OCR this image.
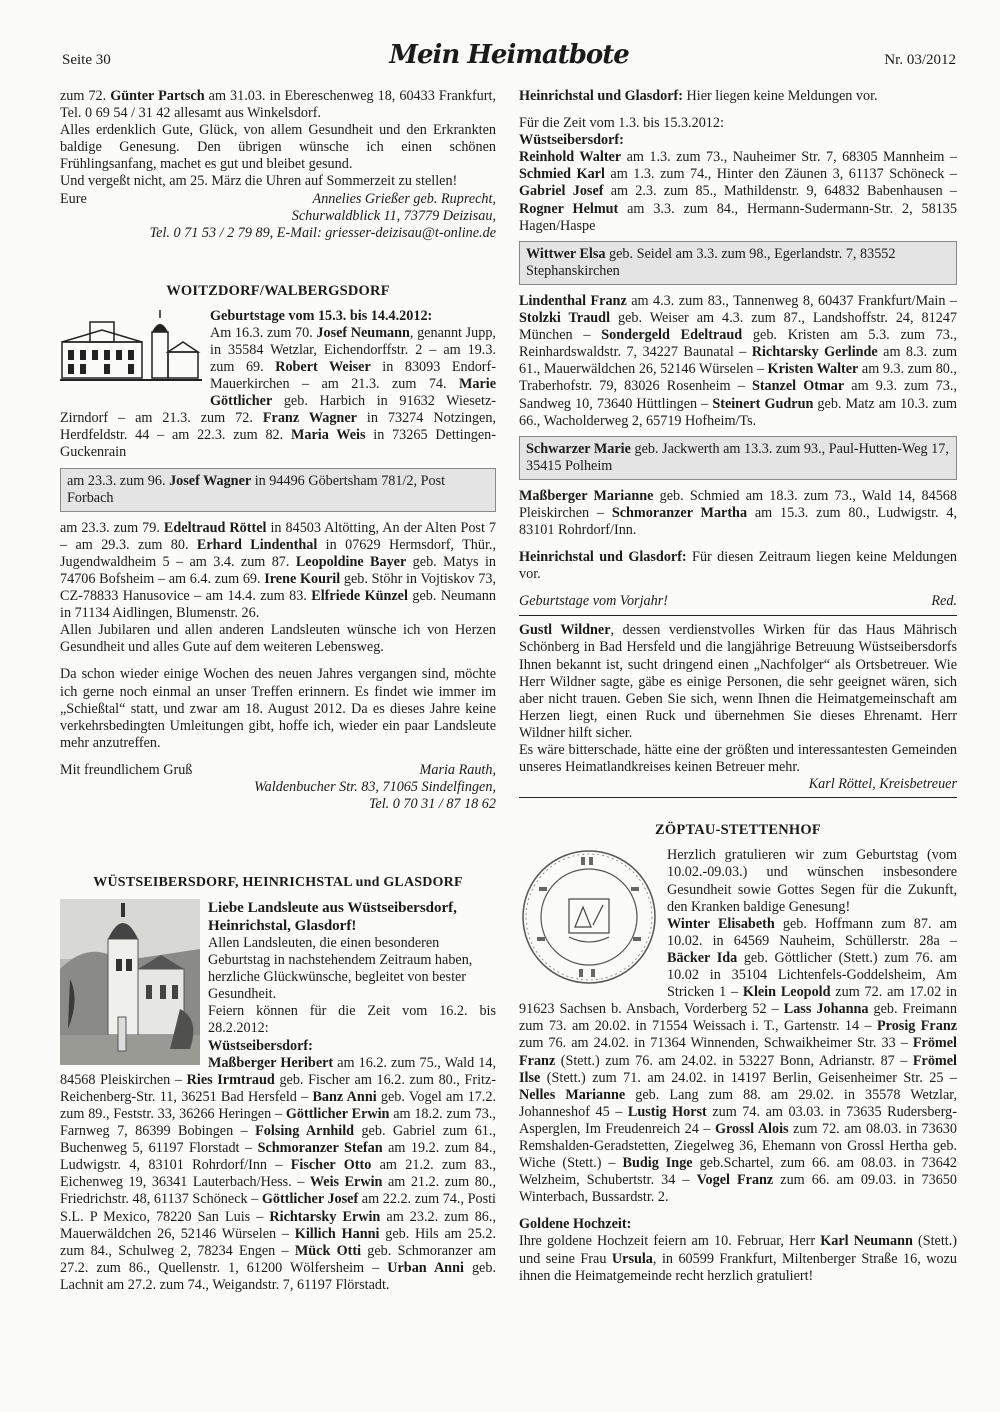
Seite 30	Mein Heimatbote	Nr. 03/2012

zum 72. Günter Partsch am 31.03. in Ebereschenweg 18, 60433 Frankfurt, Tel. 0 69 54 / 31 42 allesamt aus Winkelsdorf.

Alles erdenklich Gute, Glück, von allem Gesundheit und den Erkrankten baldige Genesung. Den übrigen wünsche ich einen schönen Frühlingsanfang, machet es gut und bleibet gesund.

Und vergeßt nicht, am 25. März die Uhren auf Sommerzeit zu stellen!

Eure	Annelies Grießer geb. Ruprecht,
Schurwaldblick 11, 73779 Deizisau,
Tel. 0 71 53 / 2 79 89, E-Mail: griesser-deizisau@t-online.de
WOITZDORF/WALBERGSDORF

Geburtstage vom 15.3. bis 14.4.2012:

Am 16.3. zum 70. Josef Neumann, genannt Jupp, in 35584 Wetzlar, Eichendorffstr. 2 – am 19.3. zum 69. Robert Weiser in 83093 Endorf-Mauerkirchen – am 21.3. zum 74. Marie Göttlicher geb. Harbich in 91632 Wiesetz-Zirndorf – am 21.3. zum 72. Franz Wagner in 73274 Notzingen, Herdfeldstr. 44 – am 22.3. zum 82. Maria Weis in 73265 Dettingen-Guckenrain

am 23.3. zum 96. Josef Wagner in 94496 Göbertsham 781/2, Post Forbach

am 23.3. zum 79. Edeltraud Röttel in 84503 Altötting, An der Alten Post 7 – am 29.3. zum 80. Erhard Lindenthal in 07629 Hermsdorf, Thür., Jugendwaldheim 5 – am 3.4. zum 87. Leopoldine Bayer geb. Matys in 74706 Bofsheim – am 6.4. zum 69. Irene Kouril geb. Stöhr in Vojtiskov 73, CZ-78833 Hanusovice – am 14.4. zum 83. Elfriede Künzel geb. Neumann in 71134 Aidlingen, Blumenstr. 26.

Allen Jubilaren und allen anderen Landsleuten wünsche ich von Herzen Gesundheit und alles Gute auf dem weiteren Lebensweg.

Da schon wieder einige Wochen des neuen Jahres vergangen sind, möchte ich gerne noch einmal an unser Treffen erinnern. Es findet wie immer im „Schießtal“ statt, und zwar am 18. August 2012. Da es dieses Jahre keine verkehrsbedingten Umleitungen gibt, hoffe ich, wieder ein paar Landsleute mehr anzutreffen.

Mit freundlichem Gruß	Maria Rauth,
Waldenbucher Str. 83, 71065 Sindelfingen,
Tel. 0 70 31 / 87 18 62
WÜSTSEIBERSDORF, HEINRICHSTAL und GLASDORF

Liebe Landsleute aus Wüstseibersdorf, Heinrichstal, Glasdorf!

Allen Landsleuten, die einen besonderen Geburtstag in nachstehendem Zeitraum haben, herzliche Glückwünsche, begleitet von bester Gesundheit.

Feiern können für die Zeit vom 16.2. bis 28.2.2012:

Wüstseibersdorf:

Maßberger Heribert am 16.2. zum 75., Wald 14, 84568 Pleiskirchen – Ries Irmtraud geb. Fischer am 16.2. zum 80., Fritz-Reichenberg-Str. 11, 36251 Bad Hersfeld – Banz Anni geb. Vogel am 17.2. zum 89., Feststr. 33, 36266 Heringen – Göttlicher Erwin am 18.2. zum 73., Farnweg 7, 86399 Bobingen – Folsing Arnhild geb. Gabriel zum 61., Buchenweg 5, 61197 Florstadt – Schmoranzer Stefan am 19.2. zum 84., Ludwigstr. 4, 83101 Rohrdorf/Inn – Fischer Otto am 21.2. zum 83., Eichenweg 19, 36341 Lauterbach/Hess. – Weis Erwin am 21.2. zum 80., Friedrichstr. 48, 61137 Schöneck – Göttlicher Josef am 22.2. zum 74., Posti S.L. P Mexico, 78220 San Luis – Richtarsky Erwin am 23.2. zum 86., Mauerwäldchen 26, 52146 Würselen – Killich Hanni geb. Hils am 25.2. zum 84., Schulweg 2, 78234 Engen – Mück Otti geb. Schmoranzer am 27.2. zum 86., Quellenstr. 1, 61200 Wölfersheim – Urban Anni geb. Lachnit am 27.2. zum 74., Weigandstr. 7, 61197 Flörstadt.

Heinrichstal und Glasdorf: Hier liegen keine Meldungen vor.

Für die Zeit vom 1.3. bis 15.3.2012:

Wüstseibersdorf:

Reinhold Walter am 1.3. zum 73., Nauheimer Str. 7, 68305 Mannheim – Schmied Karl am 1.3. zum 74., Hinter den Zäunen 3, 61137 Schöneck – Gabriel Josef am 2.3. zum 85., Mathildenstr. 9, 64832 Babenhausen – Rogner Helmut am 3.3. zum 84., Hermann-Sudermann-Str. 2, 58135 Hagen/Haspe

Wittwer Elsa geb. Seidel am 3.3. zum 98., Egerlandstr. 7, 83552 Stephanskirchen

Lindenthal Franz am 4.3. zum 83., Tannenweg 8, 60437 Frankfurt/Main – Stolzki Traudl geb. Weiser am 4.3. zum 87., Landshoffstr. 24, 81247 München – Sondergeld Edeltraud geb. Kristen am 5.3. zum 73., Reinhardswaldstr. 7, 34227 Baunatal – Richtarsky Gerlinde am 8.3. zum 61., Mauerwäldchen 26, 52146 Würselen – Kristen Walter am 9.3. zum 80., Traberhofstr. 79, 83026 Rosenheim – Stanzel Otmar am 9.3. zum 73., Sandweg 10, 73640 Hüttlingen – Steinert Gudrun geb. Matz am 10.3. zum 66., Wacholderweg 2, 65719 Hofheim/Ts.

Schwarzer Marie geb. Jackwerth am 13.3. zum 93., Paul-Hutten-Weg 17, 35415 Polheim

Maßberger Marianne geb. Schmied am 18.3. zum 73., Wald 14, 84568 Pleiskirchen – Schmoranzer Martha am 15.3. zum 80., Ludwigstr. 4, 83101 Rohrdorf/Inn.

Heinrichstal und Glasdorf: Für diesen Zeitraum liegen keine Meldungen vor.

Geburtstage vom Vorjahr!	Red.

Gustl Wildner, dessen verdienstvolles Wirken für das Haus Mährisch Schönberg in Bad Hersfeld und die langjährige Betreuung Wüstseibersdorfs Ihnen bekannt ist, sucht dringend einen „Nachfolger“ als Ortsbetreuer. Wie Herr Wildner sagte, gäbe es einige Personen, die sehr geeignet wären, sich aber nicht trauen. Geben Sie sich, wenn Ihnen die Heimatgemeinschaft am Herzen liegt, einen Ruck und übernehmen Sie dieses Ehrenamt. Herr Wildner hilft sicher.

Es wäre bitterschade, hätte eine der größten und interessantesten Gemeinden unseres Heimatlandkreises keinen Betreuer mehr.

Karl Röttel, Kreisbetreuer

ZÖPTAU-STETTENHOF

Herzlich gratulieren wir zum Geburtstag (vom 10.02.-09.03.) und wünschen insbesondere Gesundheit sowie Gottes Segen für die Zukunft, den Kranken baldige Genesung!

Winter Elisabeth geb. Hoffmann zum 87. am 10.02. in 64569 Nauheim, Schüllerstr. 28a – Bäcker Ida geb. Göttlicher (Stett.) zum 76. am 10.02 in 35104 Lichtenfels-Goddelsheim, Am Stricken 1 – Klein Leopold zum 72. am 17.02 in 91623 Sachsen b. Ansbach, Vorderberg 52 – Lass Johanna geb. Freimann zum 73. am 20.02. in 71554 Weissach i. T., Gartenstr. 14 – Prosig Franz zum 76. am 24.02. in 71364 Winnenden, Schwaikheimer Str. 33 – Frömel Franz (Stett.) zum 76. am 24.02. in 53227 Bonn, Adrianstr. 87 – Frömel Ilse (Stett.) zum 71. am 24.02. in 14197 Berlin, Geisenheimer Str. 25 – Nelles Marianne geb. Lang zum 88. am 29.02. in 35578 Wetzlar, Johanneshof 45 – Lustig Horst zum 74. am 03.03. in 73635 Rudersberg-Asperglen, Im Freudenreich 24 – Grossl Alois zum 72. am 08.03. in 73630 Remshalden-Geradstetten, Ziegelweg 36, Ehemann von Grossl Hertha geb. Wiche (Stett.) – Budig Inge geb.Schartel, zum 66. am 08.03. in 73642 Welzheim, Schubertstr. 34 – Vogel Franz zum 66. am 09.03. in 73650 Winterbach, Bussardstr. 2.

Goldene Hochzeit:

Ihre goldene Hochzeit feiern am 10. Februar, Herr Karl Neumann (Stett.) und seine Frau Ursula, in 60599 Frankfurt, Miltenberger Straße 16, wozu ihnen die Heimatgemeinde recht herzlich gratuliert!
